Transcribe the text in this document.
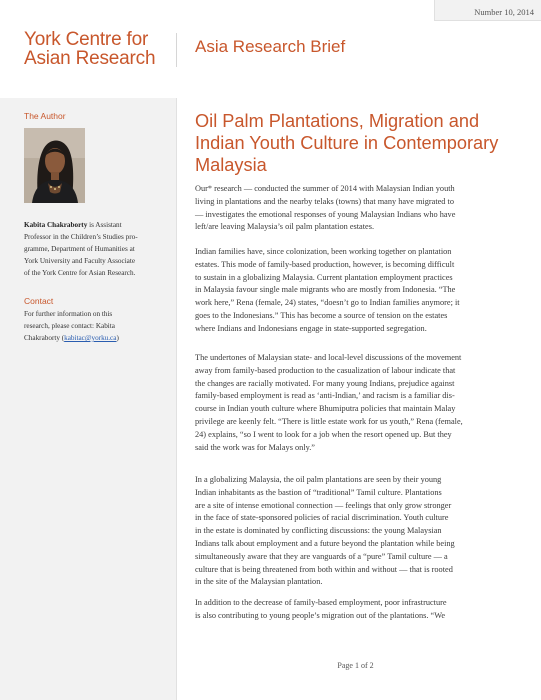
Number 10, 2014
York Centre for
Asian Research
Asia Research Brief
The Author
Kabita Chakraborty is Assistant
Professor in the Children’s Studies pro-
gramme, Department of Humanities at
York University and Faculty Associate
of the York Centre for Asian Research.
Contact
For further information on this
research, please contact: Kabita
Chakraborty (kabitac@yorku.ca)
Oil Palm Plantations, Migration and
Indian Youth Culture in Contemporary
Malaysia
Our* research — conducted the summer of 2014 with Malaysian Indian youth
living in plantations and the nearby telaks (towns) that many have migrated to
— investigates the emotional responses of young Malaysian Indians who have
left/are leaving Malaysia’s oil palm plantation estates.
Indian families have, since colonization, been working together on plantation
estates. This mode of family-based production, however, is becoming difficult
to sustain in a globalizing Malaysia. Current plantation employment practices
in Malaysia favour single male migrants who are mostly from Indonesia. “The
work here,” Rena (female, 24) states, “doesn’t go to Indian families anymore; it
goes to the Indonesians.” This has become a source of tension on the estates
where Indians and Indonesians engage in state-supported segregation.
The undertones of Malaysian state- and local-level discussions of the movement
away from family-based production to the casualization of labour indicate that
the changes are racially motivated. For many young Indians, prejudice against
family-based employment is read as ‘anti-Indian,’ and racism is a familiar dis-
course in Indian youth culture where Bhumiputra policies that maintain Malay
privilege are keenly felt. “There is little estate work for us youth,” Rena (female,
24) explains, “so I went to look for a job when the resort opened up. But they
said the work was for Malays only.”
In a globalizing Malaysia, the oil palm plantations are seen by their young
Indian inhabitants as the bastion of “traditional” Tamil culture. Plantations
are a site of intense emotional connection — feelings that only grow stronger
in the face of state-sponsored policies of racial discrimination. Youth culture
in the estate is dominated by conflicting discussions: the young Malaysian
Indians talk about employment and a future beyond the plantation while being
simultaneously aware that they are vanguards of a “pure” Tamil culture — a
culture that is being threatened from both within and without — that is rooted
in the site of the Malaysian plantation.
In addition to the decrease of family-based employment, poor infrastructure
is also contributing to young people’s migration out of the plantations. “We
Page 1 of 2
